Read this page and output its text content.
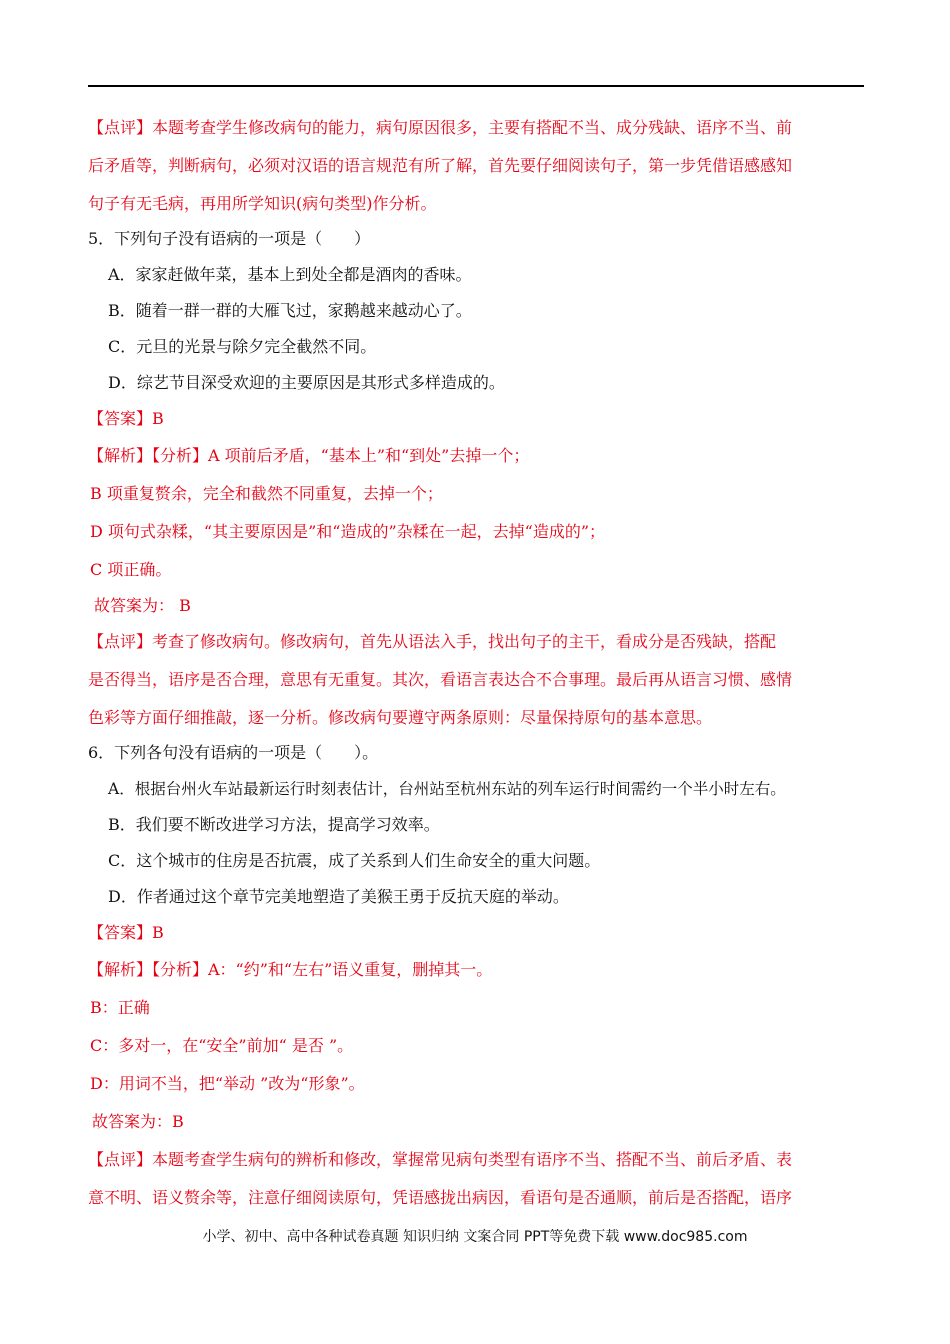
【点评】本题考查学生修改病句的能力，病句原因很多，主要有搭配不当、成分残缺、语序不当、前
后矛盾等，判断病句，必须对汉语的语言规范有所了解，首先要仔细阅读句子，第一步凭借语感感知
句子有无毛病，再用所学知识(病句类型)作分析。
5．下列句子没有语病的一项是（　　）
A．家家赶做年菜，基本上到处全都是酒肉的香味。
B．随着一群一群的大雁飞过，家鹅越来越动心了。
C．元旦的光景与除夕完全截然不同。
D．综艺节目深受欢迎的主要原因是其形式多样造成的。
【答案】B
【解析】【分析】A 项前后矛盾，“基本上”和“到处”去掉一个；
B 项重复赘余，完全和截然不同重复，去掉一个；
D 项句式杂糅，“其主要原因是”和“造成的”杂糅在一起，去掉“造成的”；
C 项正确。
故答案为： B
【点评】考查了修改病句。修改病句，首先从语法入手，找出句子的主干，看成分是否残缺，搭配
是否得当，语序是否合理，意思有无重复。其次，看语言表达合不合事理。最后再从语言习惯、感情
色彩等方面仔细推敲，逐一分析。修改病句要遵守两条原则：尽量保持原句的基本意思。
6．下列各句没有语病的一项是（　　）。
A．根据台州火车站最新运行时刻表估计，台州站至杭州东站的列车运行时间需约一个半小时左右。
B．我们要不断改进学习方法，提高学习效率。
C．这个城市的住房是否抗震，成了关系到人们生命安全的重大问题。
D．作者通过这个章节完美地塑造了美猴王勇于反抗天庭的举动。
【答案】B
【解析】【分析】A：“约”和“左右”语义重复，删掉其一。
B：正确
C：多对一，在“安全”前加“ 是否 ”。
D：用词不当，把“举动 ”改为“形象”。
故答案为：B
【点评】本题考查学生病句的辨析和修改，掌握常见病句类型有语序不当、搭配不当、前后矛盾、表
意不明、语义赘余等，注意仔细阅读原句，凭语感拢出病因，看语句是否通顺，前后是否搭配，语序
小学、初中、高中各种试卷真题 知识归纳 文案合同 PPT等免费下载 www.doc985.com
